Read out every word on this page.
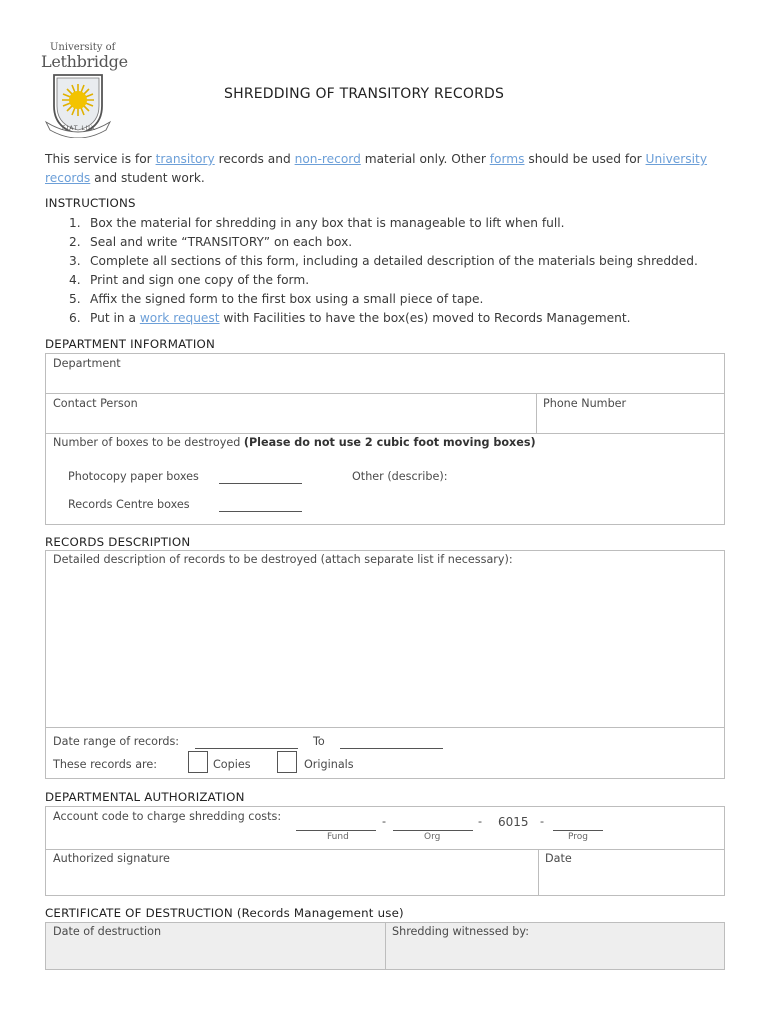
University of
Lethbridge
FIAT LUX
SHREDDING OF TRANSITORY RECORDS
This service is for transitory records and non-record material only. Other forms should be used for University
records and student work.
INSTRUCTIONS
1. Box the material for shredding in any box that is manageable to lift when full.
2. Seal and write “TRANSITORY” on each box.
3. Complete all sections of this form, including a detailed description of the materials being shredded.
4. Print and sign one copy of the form.
5. Affix the signed form to the first box using a small piece of tape.
6. Put in a work request with Facilities to have the box(es) moved to Records Management.
DEPARTMENT INFORMATION
Department
Contact Person	Phone Number
Number of boxes to be destroyed (Please do not use 2 cubic foot moving boxes)
Photocopy paper boxes	Other (describe):
Records Centre boxes
RECORDS DESCRIPTION
Detailed description of records to be destroyed (attach separate list if necessary):
Date range of records:	To
These records are:	Copies	Originals
DEPARTMENTAL AUTHORIZATION
Account code to charge shredding costs:
Fund
-
Org
- 6015 -
Prog
Authorized signature	Date
CERTIFICATE OF DESTRUCTION (Records Management use)
Date of destruction	Shredding witnessed by:
